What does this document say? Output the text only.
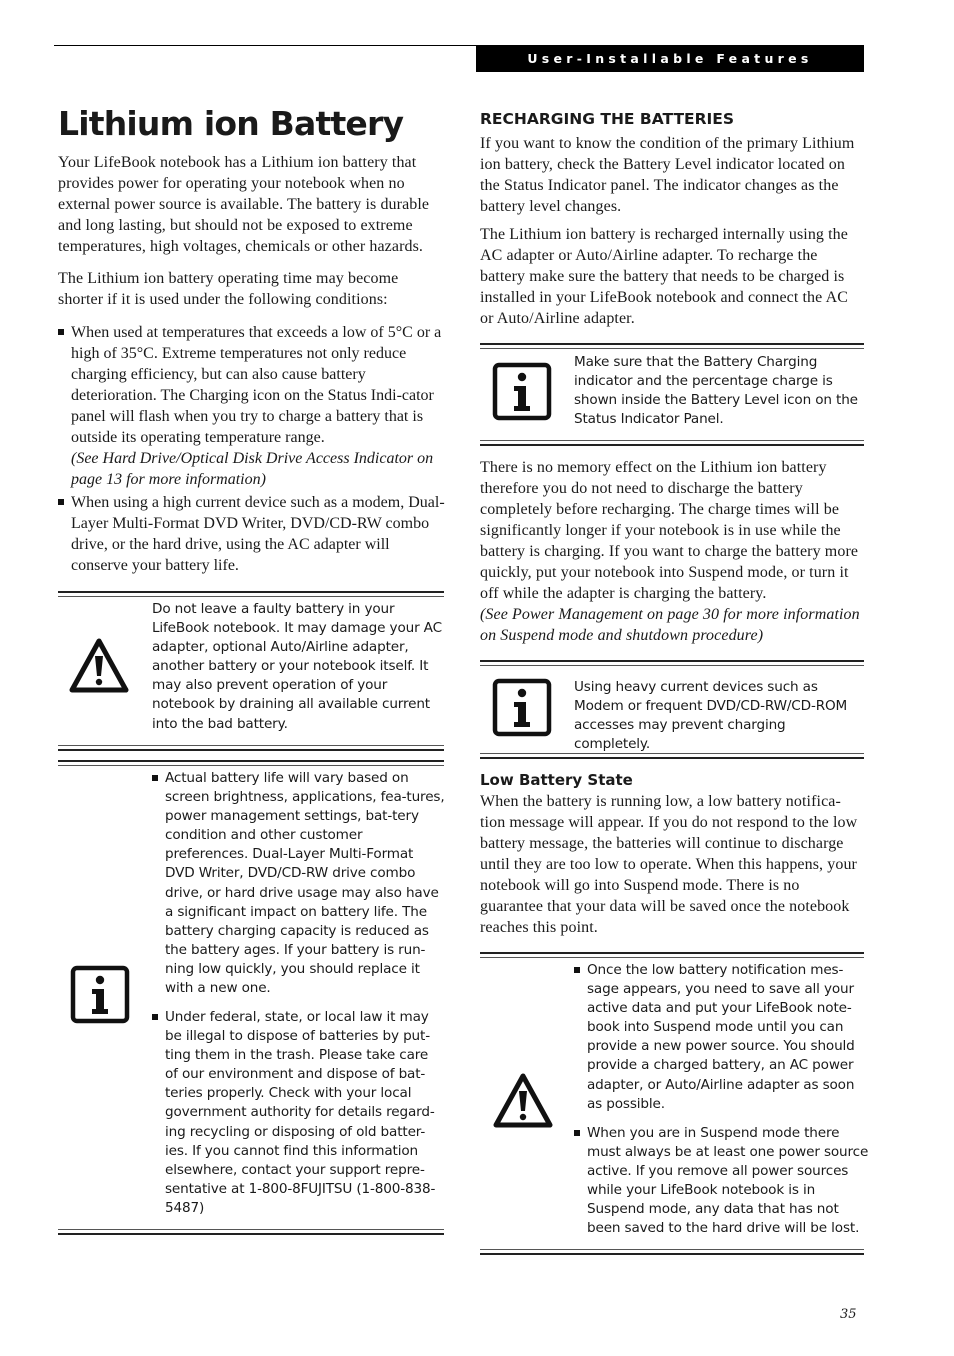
User-Installable Features
Lithium ion Battery

Your LifeBook notebook has a Lithium ion battery that provides power for operating your notebook when no external power source is available. The battery is durable and long lasting, but should not be exposed to extreme temperatures, high voltages, chemicals or other hazards.

The Lithium ion battery operating time may become shorter if it is used under the following conditions:

When used at temperatures that exceeds a low of 5°C or a high of 35°C. Extreme temperatures not only reduce charging efficiency, but can also cause battery deterioration. The Charging icon on the Status Indi-cator panel will flash when you try to charge a battery that is outside its operating temperature range.
(See Hard Drive/Optical Disk Drive Access Indicator on page 13 for more information)
When using a high current device such as a modem, Dual-Layer Multi-Format DVD Writer, DVD/CD-RW combo drive, or the hard drive, using the AC adapter will conserve your battery life.

Do not leave a faulty battery in your LifeBook notebook. It may damage your AC adapter, optional Auto/Airline adapter, another battery or your notebook itself. It may also prevent operation of your notebook by draining all available current into the bad battery.

Actual battery life will vary based on screen brightness, applications, fea-tures, power management settings, bat-tery condition and other customer preferences. Dual-Layer Multi-Format DVD Writer, DVD/CD-RW drive combo drive, or hard drive usage may also have a significant impact on battery life. The battery charging capacity is reduced as the battery ages. If your battery is run-ning low quickly, you should replace it with a new one.
Under federal, state, or local law it may be illegal to dispose of batteries by put-ting them in the trash. Please take care of our environment and dispose of bat-teries properly. Check with your local government authority for details regard-ing recycling or disposing of old batter-ies. If you cannot find this information elsewhere, contact your support repre-sentative at 1-800-8FUJITSU (1-800-838-5487)
RECHARGING THE BATTERIES

If you want to know the condition of the primary Lithium ion battery, check the Battery Level indicator located on the Status Indicator panel. The indicator changes as the battery level changes.

The Lithium ion battery is recharged internally using the AC adapter or Auto/Airline adapter. To recharge the battery make sure the battery that needs to be charged is installed in your LifeBook notebook and connect the AC or Auto/Airline adapter.

Make sure that the Battery Charging indicator and the percentage charge is shown inside the Battery Level icon on the Status Indicator Panel.

There is no memory effect on the Lithium ion battery therefore you do not need to discharge the battery completely before recharging. The charge times will be significantly longer if your notebook is in use while the battery is charging. If you want to charge the battery more quickly, put your notebook into Suspend mode, or turn it off while the adapter is charging the battery.
(See Power Management on page 30 for more information on Suspend mode and shutdown procedure)

Using heavy current devices such as Modem or frequent DVD/CD-RW/CD-ROM accesses may prevent charging completely.

Low Battery State

When the battery is running low, a low battery notifica-tion message will appear. If you do not respond to the low battery message, the batteries will continue to discharge until they are too low to operate. When this happens, your notebook will go into Suspend mode. There is no guarantee that your data will be saved once the notebook reaches this point.

Once the low battery notification mes-sage appears, you need to save all your active data and put your LifeBook note-book into Suspend mode until you can provide a new power source. You should provide a charged battery, an AC power adapter, or Auto/Airline adapter as soon as possible.
When you are in Suspend mode there must always be at least one power source active. If you remove all power sources while your LifeBook notebook is in Suspend mode, any data that has not been saved to the hard drive will be lost.
35
